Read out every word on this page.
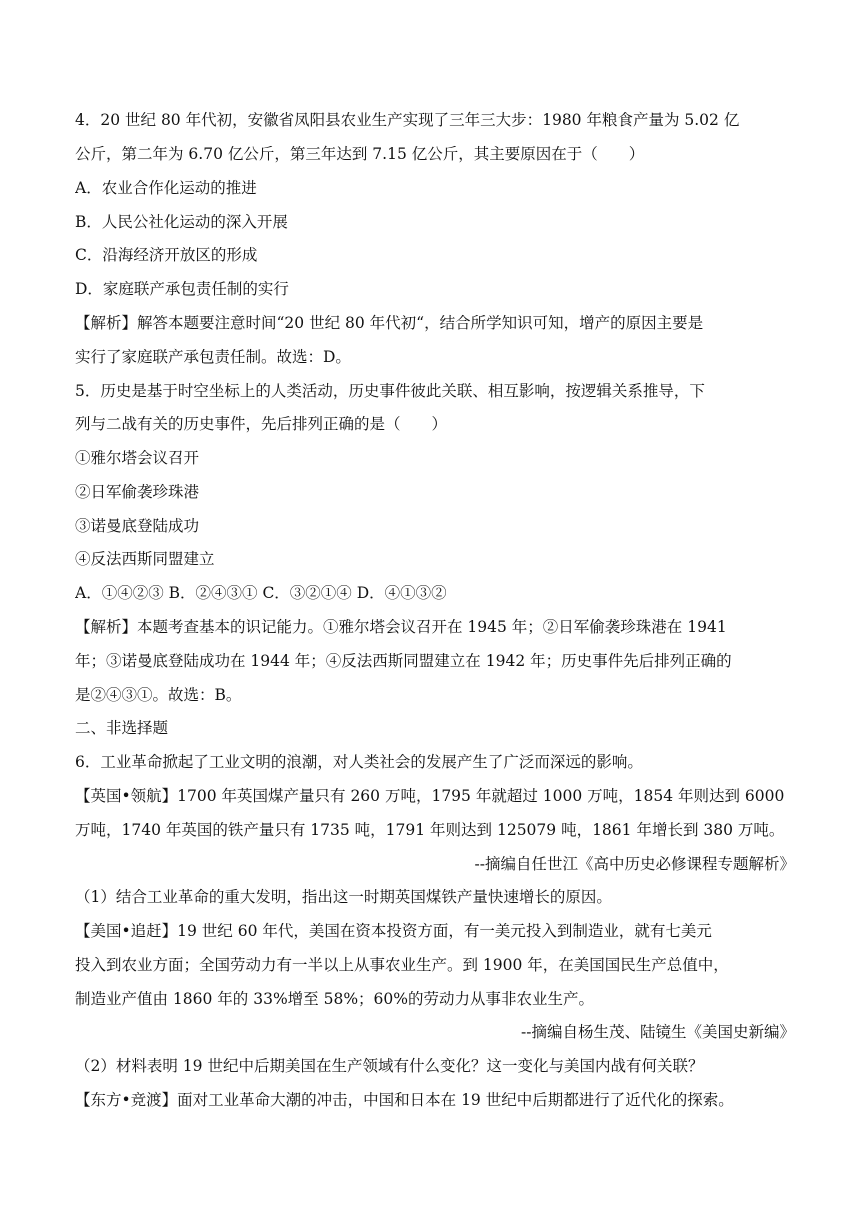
4．20 世纪 80 年代初，安徽省凤阳县农业生产实现了三年三大步：1980 年粮食产量为 5.02 亿
公斤，第二年为 6.70 亿公斤，第三年达到 7.15 亿公斤，其主要原因在于（　　）
A．农业合作化运动的推进
B．人民公社化运动的深入开展
C．沿海经济开放区的形成
D．家庭联产承包责任制的实行
【解析】解答本题要注意时间“20 世纪 80 年代初“，结合所学知识可知，增产的原因主要是
实行了家庭联产承包责任制。故选：D。
5．历史是基于时空坐标上的人类活动，历史事件彼此关联、相互影响，按逻辑关系推导，下
列与二战有关的历史事件，先后排列正确的是（　　）
①雅尔塔会议召开
②日军偷袭珍珠港
③诺曼底登陆成功
④反法西斯同盟建立
A．①④②③ B．②④③① C．③②①④ D．④①③②
【解析】本题考查基本的识记能力。①雅尔塔会议召开在 1945 年；②日军偷袭珍珠港在 1941
年；③诺曼底登陆成功在 1944 年；④反法西斯同盟建立在 1942 年；历史事件先后排列正确的
是②④③①。故选：B。
二、非选择题
6．工业革命掀起了工业文明的浪潮，对人类社会的发展产生了广泛而深远的影响。
【英国•领航】1700 年英国煤产量只有 260 万吨，1795 年就超过 1000 万吨，1854 年则达到 6000
万吨，1740 年英国的铁产量只有 1735 吨，1791 年则达到 125079 吨，1861 年增长到 380 万吨。
--摘编自任世江《高中历史必修课程专题解析》
（1）结合工业革命的重大发明，指出这一时期英国煤铁产量快速增长的原因。
【美国•追赶】19 世纪 60 年代，美国在资本投资方面，有一美元投入到制造业，就有七美元
投入到农业方面；全国劳动力有一半以上从事农业生产。到 1900 年，在美国国民生产总值中，
制造业产值由 1860 年的 33%增至 58%；60%的劳动力从事非农业生产。
--摘编自杨生茂、陆镜生《美国史新编》
（2）材料表明 19 世纪中后期美国在生产领域有什么变化？这一变化与美国内战有何关联？
【东方•竞渡】面对工业革命大潮的冲击，中国和日本在 19 世纪中后期都进行了近代化的探索。
